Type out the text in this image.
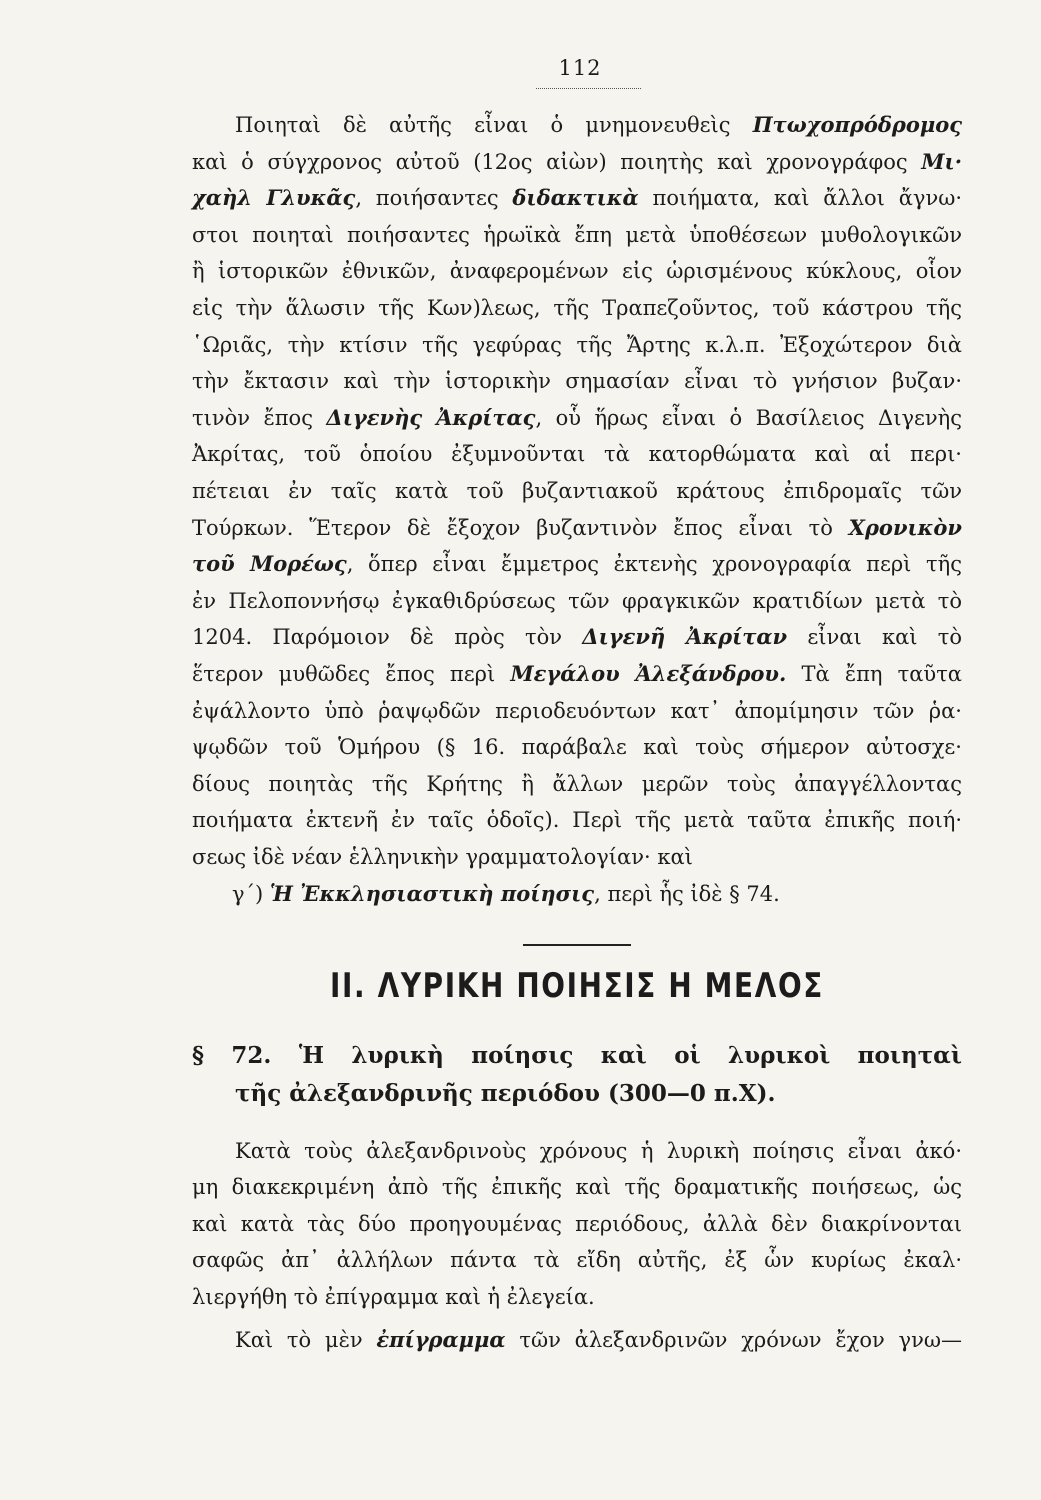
112
Ποιηταὶ δὲ αὐτῆς εἶναι ὁ μνημονευθεὶς Πτωχοπρόδρομος
καὶ ὁ σύγχρονος αὐτοῦ (12ος αἰὼν) ποιητὴς καὶ χρονογράφος Μι·
χαὴλ Γλυκᾶς, ποιήσαντες διδακτικὰ ποιήματα, καὶ ἄλλοι ἄγνω·
στοι ποιηταὶ ποιήσαντες ἡρωϊκὰ ἔπη μετὰ ὑποθέσεων μυθολογικῶν
ἢ ἱστορικῶν ἐθνικῶν, ἀναφερομένων εἰς ὡρισμένους κύκλους, οἷον
εἰς τὴν ἅλωσιν τῆς Κων)λεως, τῆς Τραπεζοῦντος, τοῦ κάστρου τῆς
῾Ωριᾶς, τὴν κτίσιν τῆς γεφύρας τῆς Ἄρτης κ.λ.π. Ἐξοχώτερον διὰ
τὴν ἔκτασιν καὶ τὴν ἱστορικὴν σημασίαν εἶναι τὸ γνήσιον βυζαν·
τινὸν ἔπος Διγενὴς Ἀκρίτας, οὗ ἥρως εἶναι ὁ Βασίλειος Διγενὴς
Ἀκρίτας, τοῦ ὁποίου ἐξυμνοῦνται τὰ κατορθώματα καὶ αἱ περι·
πέτειαι ἐν ταῖς κατὰ τοῦ βυζαντιακοῦ κράτους ἐπιδρομαῖς τῶν
Τούρκων. Ἕτερον δὲ ἔξοχον βυζαντινὸν ἔπος εἶναι τὸ Χρονικὸν
τοῦ Μορέως, ὅπερ εἶναι ἔμμετρος ἐκτενὴς χρονογραφία περὶ τῆς
ἐν Πελοποννήσῳ ἐγκαθιδρύσεως τῶν φραγκικῶν κρατιδίων μετὰ τὸ
1204. Παρόμοιον δὲ πρὸς τὸν Διγενῆ Ἀκρίταν εἶναι καὶ τὸ
ἕτερον μυθῶδες ἔπος περὶ Μεγάλου Ἀλεξάνδρου. Τὰ ἔπη ταῦτα
ἐψάλλοντο ὑπὸ ῥαψῳδῶν περιοδευόντων κατ᾽ ἀπομίμησιν τῶν ῥα·
ψῳδῶν τοῦ Ὁμήρου (§ 16. παράβαλε καὶ τοὺς σήμερον αὐτοσχε·
δίους ποιητὰς τῆς Κρήτης ἢ ἄλλων μερῶν τοὺς ἀπαγγέλλοντας
ποιήματα ἐκτενῆ ἐν ταῖς ὁδοῖς). Περὶ τῆς μετὰ ταῦτα ἐπικῆς ποιή·
σεως ἰδὲ νέαν ἑλληνικὴν γραμματολογίαν· καὶ
γ´) Ἡ Ἐκκλησιαστικὴ ποίησις, περὶ ἧς ἰδὲ § 74.
ΙΙ. ΛΥΡΙΚΗ ΠΟΙΗΣΙΣ Η ΜΕΛΟΣ
§ 72. Ἡ λυρικὴ ποίησις καὶ οἱ λυρικοὶ ποιηταὶ
τῆς ἀλεξανδρινῆς περιόδου (300—0 π.Χ).
Κατὰ τοὺς ἀλεξανδρινοὺς χρόνους ἡ λυρικὴ ποίησις εἶναι ἀκό·
μη διακεκριμένη ἀπὸ τῆς ἐπικῆς καὶ τῆς δραματικῆς ποιήσεως, ὡς
καὶ κατὰ τὰς δύο προηγουμένας περιόδους, ἀλλὰ δὲν διακρίνονται
σαφῶς ἀπ᾽ ἀλλήλων πάντα τὰ εἴδη αὐτῆς, ἐξ ὧν κυρίως ἐκαλ·
λιεργήθη τὸ ἐπίγραμμα καὶ ἡ ἐλεγεία.
Καὶ τὸ μὲν ἐπίγραμμα τῶν ἀλεξανδρινῶν χρόνων ἔχον γνω—
